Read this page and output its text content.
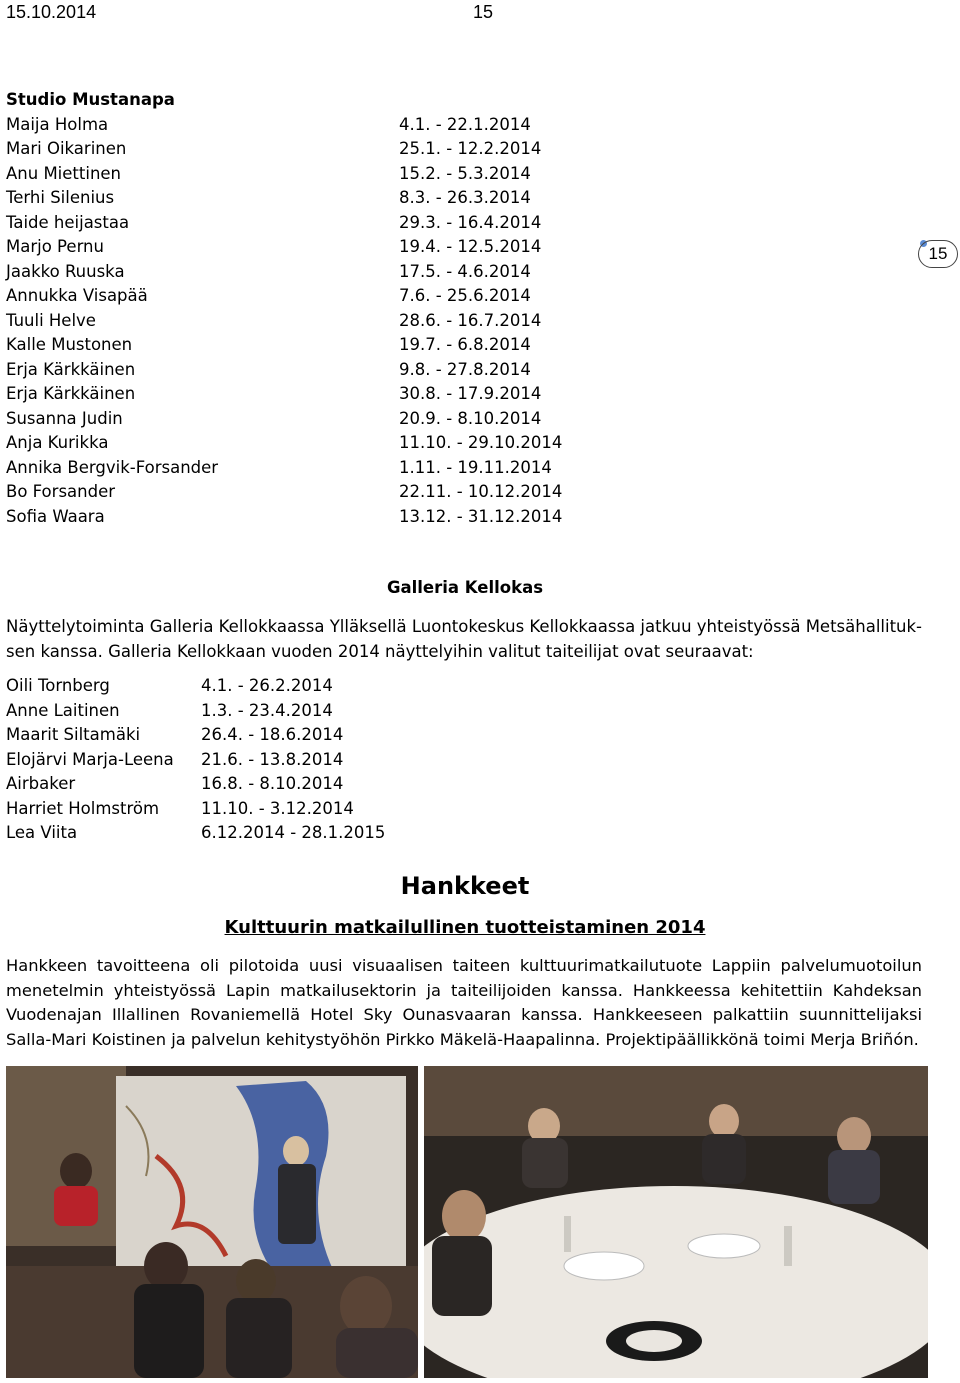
15.10.2014	15
15
Studio Mustanapa
Maija Holma	4.1. - 22.1.2014
Mari Oikarinen	25.1. - 12.2.2014
Anu Miettinen	15.2. - 5.3.2014
Terhi Silenius	8.3. - 26.3.2014
Taide heijastaa	29.3. - 16.4.2014
Marjo Pernu	19.4. - 12.5.2014
Jaakko Ruuska	17.5. - 4.6.2014
Annukka Visapää	7.6. - 25.6.2014
Tuuli Helve	28.6. - 16.7.2014
Kalle Mustonen	19.7. - 6.8.2014
Erja Kärkkäinen	9.8. - 27.8.2014
Erja Kärkkäinen	30.8. - 17.9.2014
Susanna Judin	20.9. - 8.10.2014
Anja Kurikka	11.10. - 29.10.2014
Annika Bergvik-Forsander	1.11. - 19.11.2014
Bo Forsander	22.11. - 10.12.2014
Sofia Waara	13.12. - 31.12.2014
Galleria Kellokas
Näyttelytoiminta Galleria Kellokkaassa Ylläksellä Luontokeskus Kellokkaassa jatkuu yhteistyössä Metsähallituk-
sen kanssa. Galleria Kellokkaan vuoden 2014 näyttelyihin valitut taiteilijat ovat seuraavat:
Oili Tornberg	4.1. - 26.2.2014
Anne Laitinen	1.3. - 23.4.2014
Maarit Siltamäki	26.4. - 18.6.2014
Elojärvi Marja-Leena	21.6. - 13.8.2014
Airbaker	16.8. - 8.10.2014
Harriet Holmström	11.10. - 3.12.2014
Lea Viita	6.12.2014 - 28.1.2015
Hankkeet
Kulttuurin matkailullinen tuotteistaminen 2014
Hankkeen tavoitteena oli pilotoida uusi visuaalisen taiteen kulttuurimatkailutuote Lappiin palvelumuotoilun menetelmin yhteistyössä Lapin matkailusektorin ja taiteilijoiden kanssa. Hankkeessa kehitettiin Kahdeksan Vuodenajan Illallinen Rovaniemellä Hotel Sky Ounasvaaran kanssa. Hankkeeseen palkattiin suunnittelijaksi Salla-Mari Koistinen ja palvelun kehitystyöhön Pirkko Mäkelä-Haapalinna. Projektipäällikkönä toimi Merja Briñón.
